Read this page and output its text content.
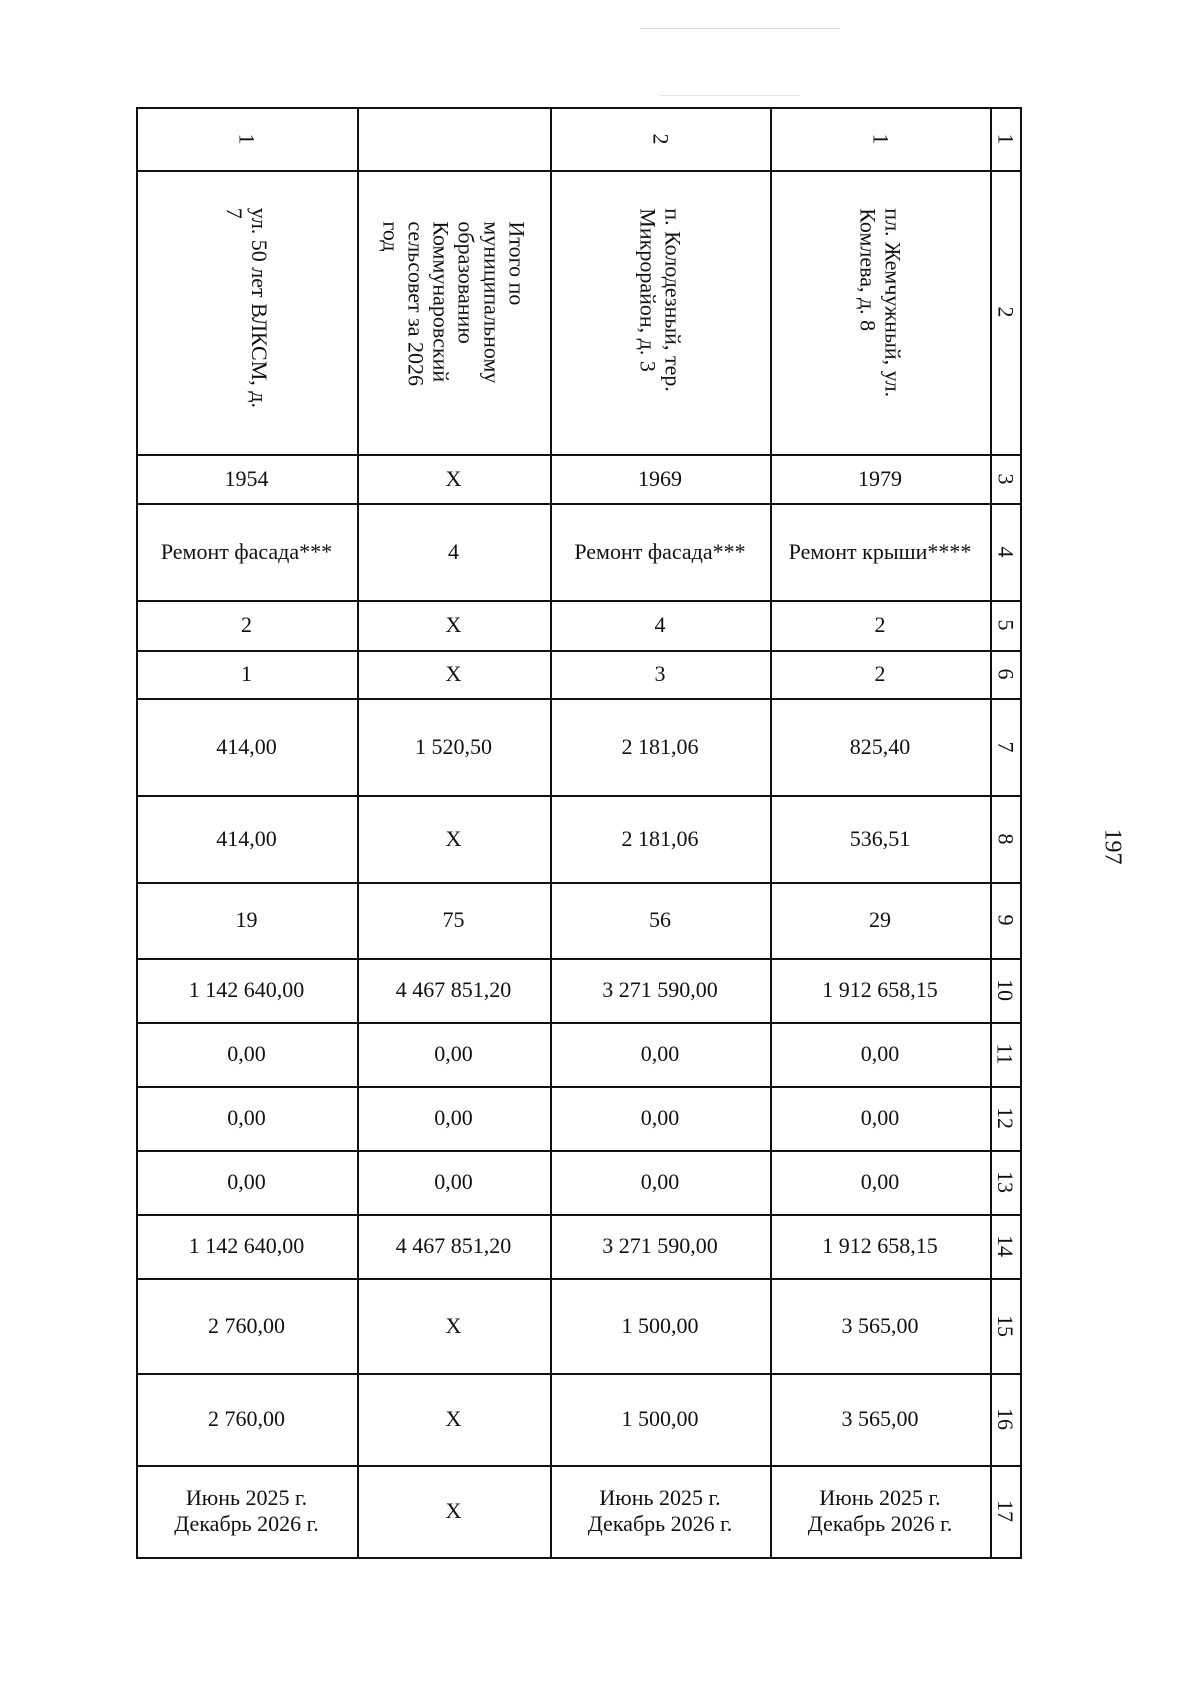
197
1
2
3
4
5
6
7
8
9
10
11
12
13
14
15
16
17
1
ул. 50 лет ВЛКСМ, д. 7
1954
Ремонт фасада***
2
1
414,00
414,00
19
1 142 640,00
0,00
0,00
0,00
1 142 640,00
2 760,00
2 760,00
Июнь 2025 г.
Декабрь 2026 г.
Итого по муниципальному образованию Коммунаровский сельсовет за 2026 год
Х
4
Х
Х
1 520,50
Х
75
4 467 851,20
0,00
0,00
0,00
4 467 851,20
Х
Х
Х
2
п. Колодезный, тер. Микрорайон, д. 3
1969
Ремонт фасада***
4
3
2 181,06
2 181,06
56
3 271 590,00
0,00
0,00
0,00
3 271 590,00
1 500,00
1 500,00
Июнь 2025 г.
Декабрь 2026 г.
1
пл. Жемчужный, ул. Комлева, д. 8
1979
Ремонт крыши****
2
2
825,40
536,51
29
1 912 658,15
0,00
0,00
0,00
1 912 658,15
3 565,00
3 565,00
Июнь 2025 г.
Декабрь 2026 г.
